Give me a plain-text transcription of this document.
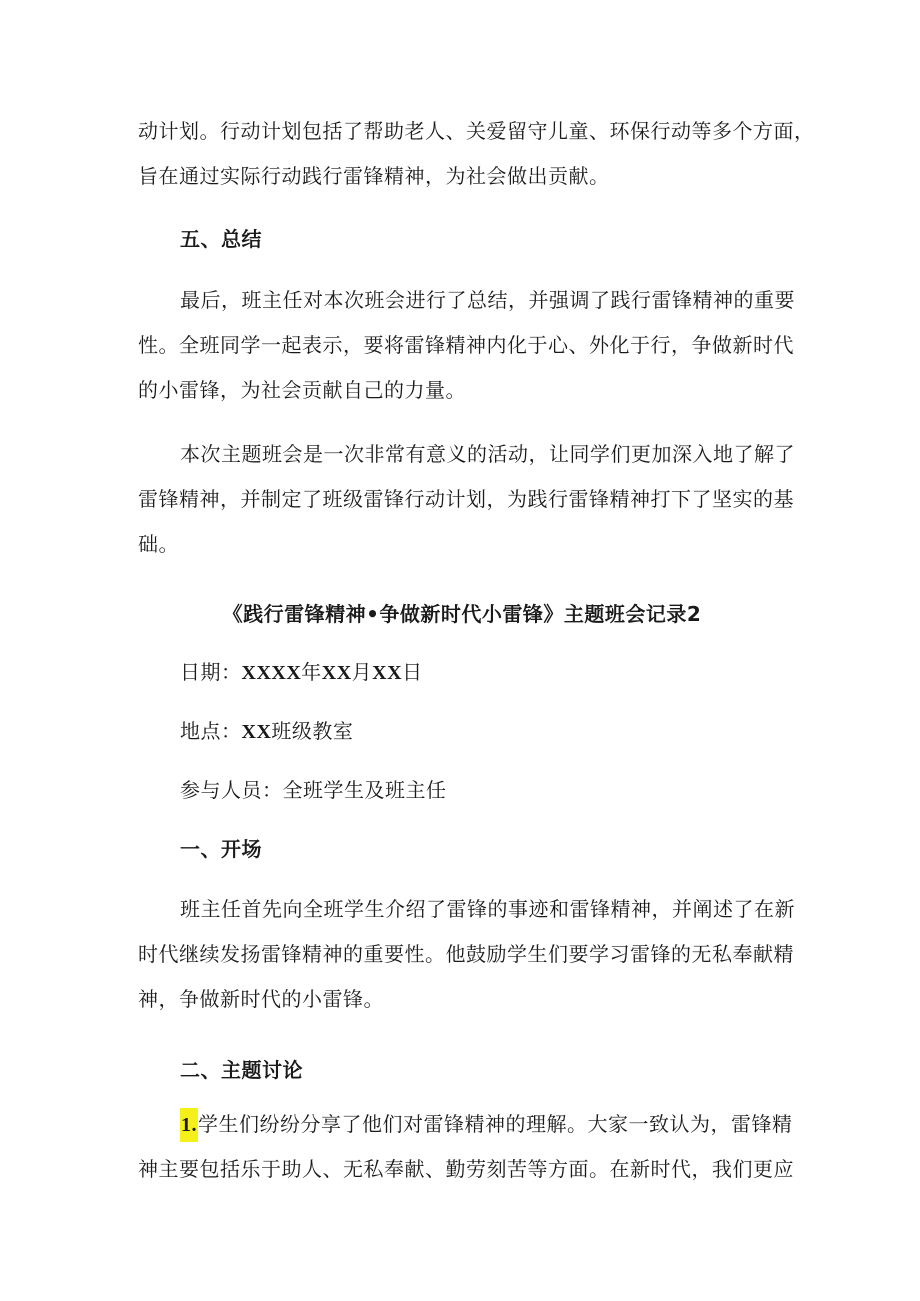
动计划。行动计划包括了帮助老人、关爱留守儿童、环保行动等多个方面，
旨在通过实际行动践行雷锋精神，为社会做出贡献。
五、总结
最后，班主任对本次班会进行了总结，并强调了践行雷锋精神的重要
性。全班同学一起表示，要将雷锋精神内化于心、外化于行，争做新时代
的小雷锋，为社会贡献自己的力量。
本次主题班会是一次非常有意义的活动，让同学们更加深入地了解了
雷锋精神，并制定了班级雷锋行动计划，为践行雷锋精神打下了坚实的基
础。
《践行雷锋精神•争做新时代小雷锋》主题班会记录2
日期：XXXX年XX月XX日
地点：XX班级教室
参与人员：全班学生及班主任
一、开场
班主任首先向全班学生介绍了雷锋的事迹和雷锋精神，并阐述了在新
时代继续发扬雷锋精神的重要性。他鼓励学生们要学习雷锋的无私奉献精
神，争做新时代的小雷锋。
二、主题讨论
1.学生们纷纷分享了他们对雷锋精神的理解。大家一致认为，雷锋精
神主要包括乐于助人、无私奉献、勤劳刻苦等方面。在新时代，我们更应
